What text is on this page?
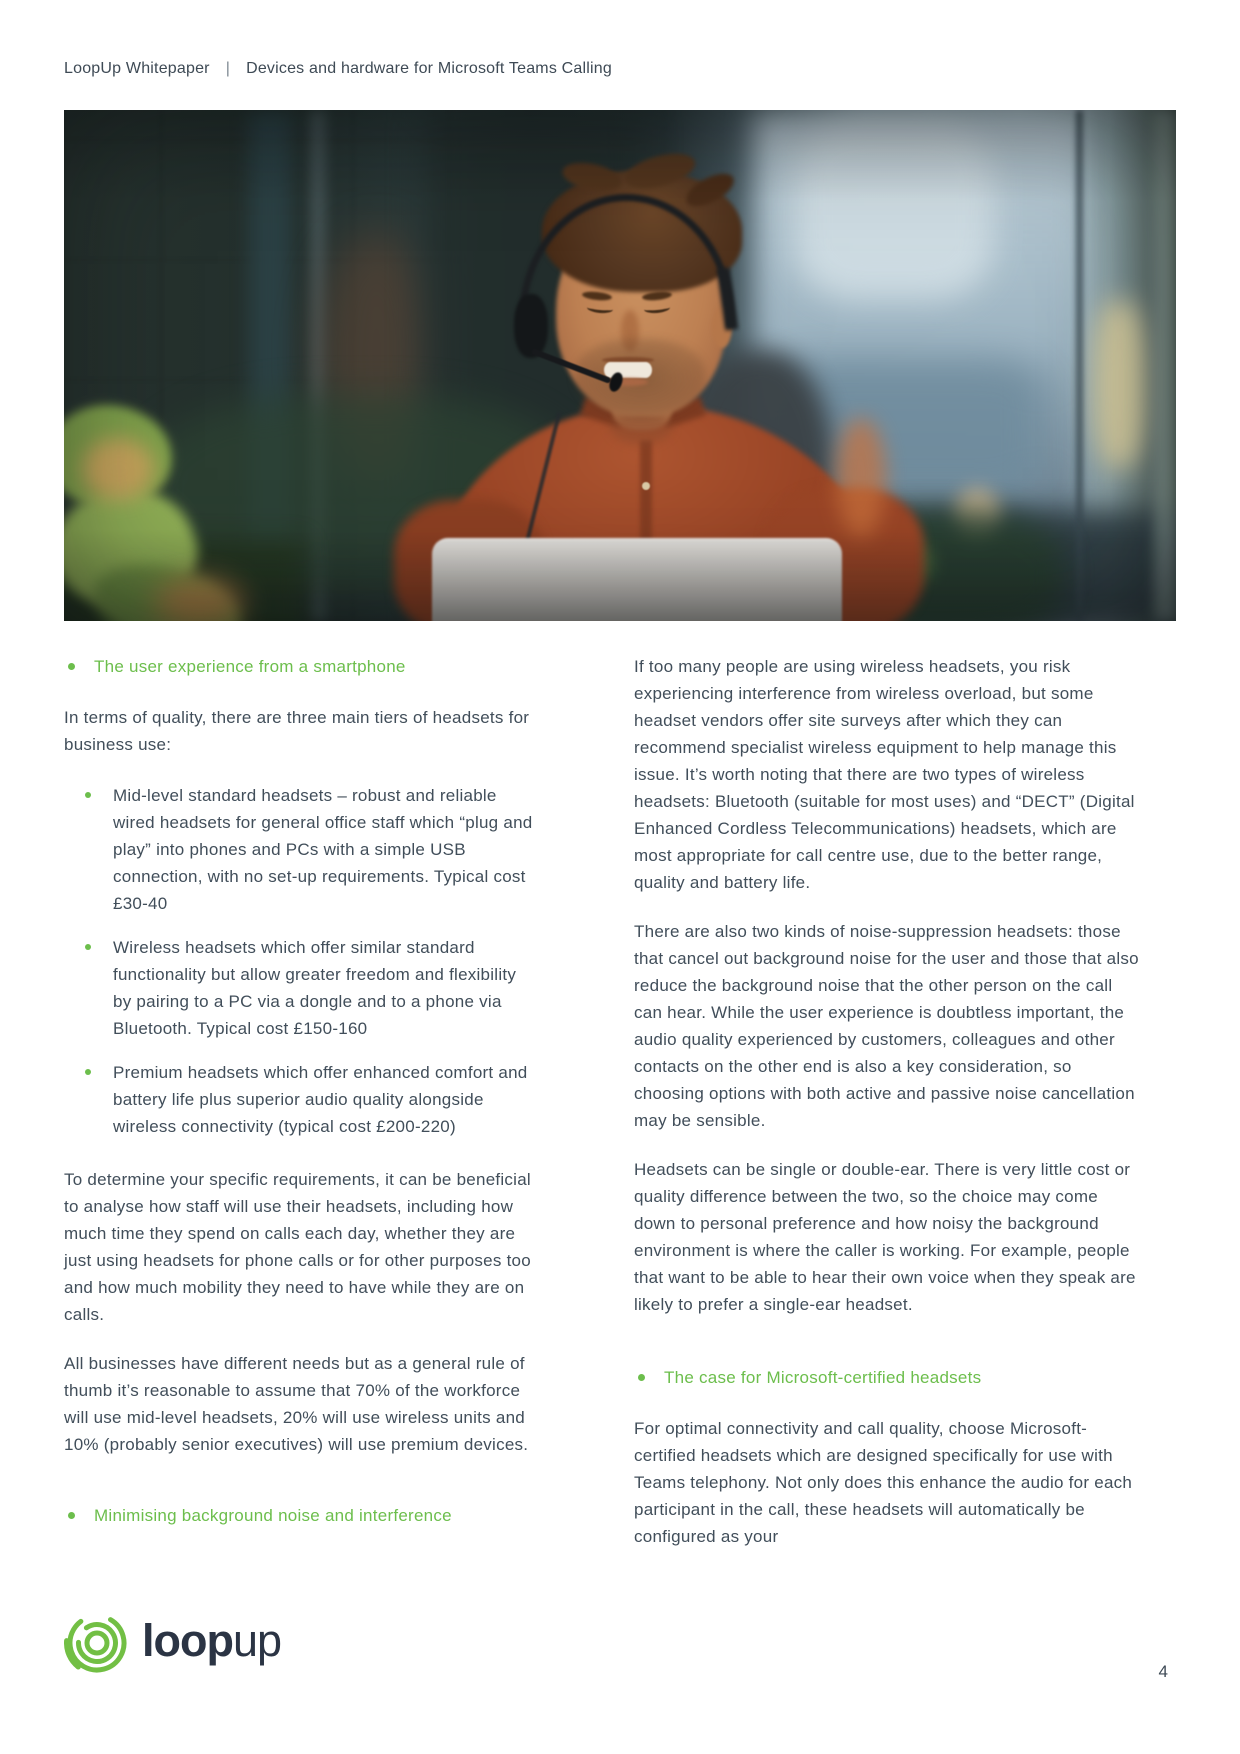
LoopUp Whitepaper | Devices and hardware for Microsoft Teams Calling
The user experience from a smartphone

In terms of quality, there are three main tiers of headsets for business use:

Mid-level standard headsets – robust and reliable wired headsets for general office staff which “plug and play” into phones and PCs with a simple USB connection, with no set-up requirements. Typical cost £30-40
Wireless headsets which offer similar standard functionality but allow greater freedom and flexibility by pairing to a PC via a dongle and to a phone via Bluetooth. Typical cost £150-160
Premium headsets which offer enhanced comfort and battery life plus superior audio quality alongside wireless connectivity (typical cost £200-220)

To determine your specific requirements, it can be beneficial to analyse how staff will use their headsets, including how much time they spend on calls each day, whether they are just using headsets for phone calls or for other purposes too and how much mobility they need to have while they are on calls.

All businesses have different needs but as a general rule of thumb it’s reasonable to assume that 70% of the workforce will use mid-level headsets, 20% will use wireless units and 10% (probably senior executives) will use premium devices.

Minimising background noise and interference

If too many people are using wireless headsets, you risk experiencing interference from wireless overload, but some headset vendors offer site surveys after which they can recommend specialist wireless equipment to help manage this issue. It’s worth noting that there are two types of wireless headsets: Bluetooth (suitable for most uses) and “DECT” (Digital Enhanced Cordless Telecommunications) headsets, which are most appropriate for call centre use, due to the better range, quality and battery life.

There are also two kinds of noise-suppression headsets: those that cancel out background noise for the user and those that also reduce the background noise that the other person on the call can hear. While the user experience is doubtless important, the audio quality experienced by customers, colleagues and other contacts on the other end is also a key consideration, so choosing options with both active and passive noise cancellation may be sensible.

Headsets can be single or double-ear. There is very little cost or quality difference between the two, so the choice may come down to personal preference and how noisy the background environment is where the caller is working. For example, people that want to be able to hear their own voice when they speak are likely to prefer a single-ear headset.

The case for Microsoft-certified headsets

For optimal connectivity and call quality, choose Microsoft-certified headsets which are designed specifically for use with Teams telephony. Not only does this enhance the audio for each participant in the call, these headsets will automatically be configured as your

loopup
4
